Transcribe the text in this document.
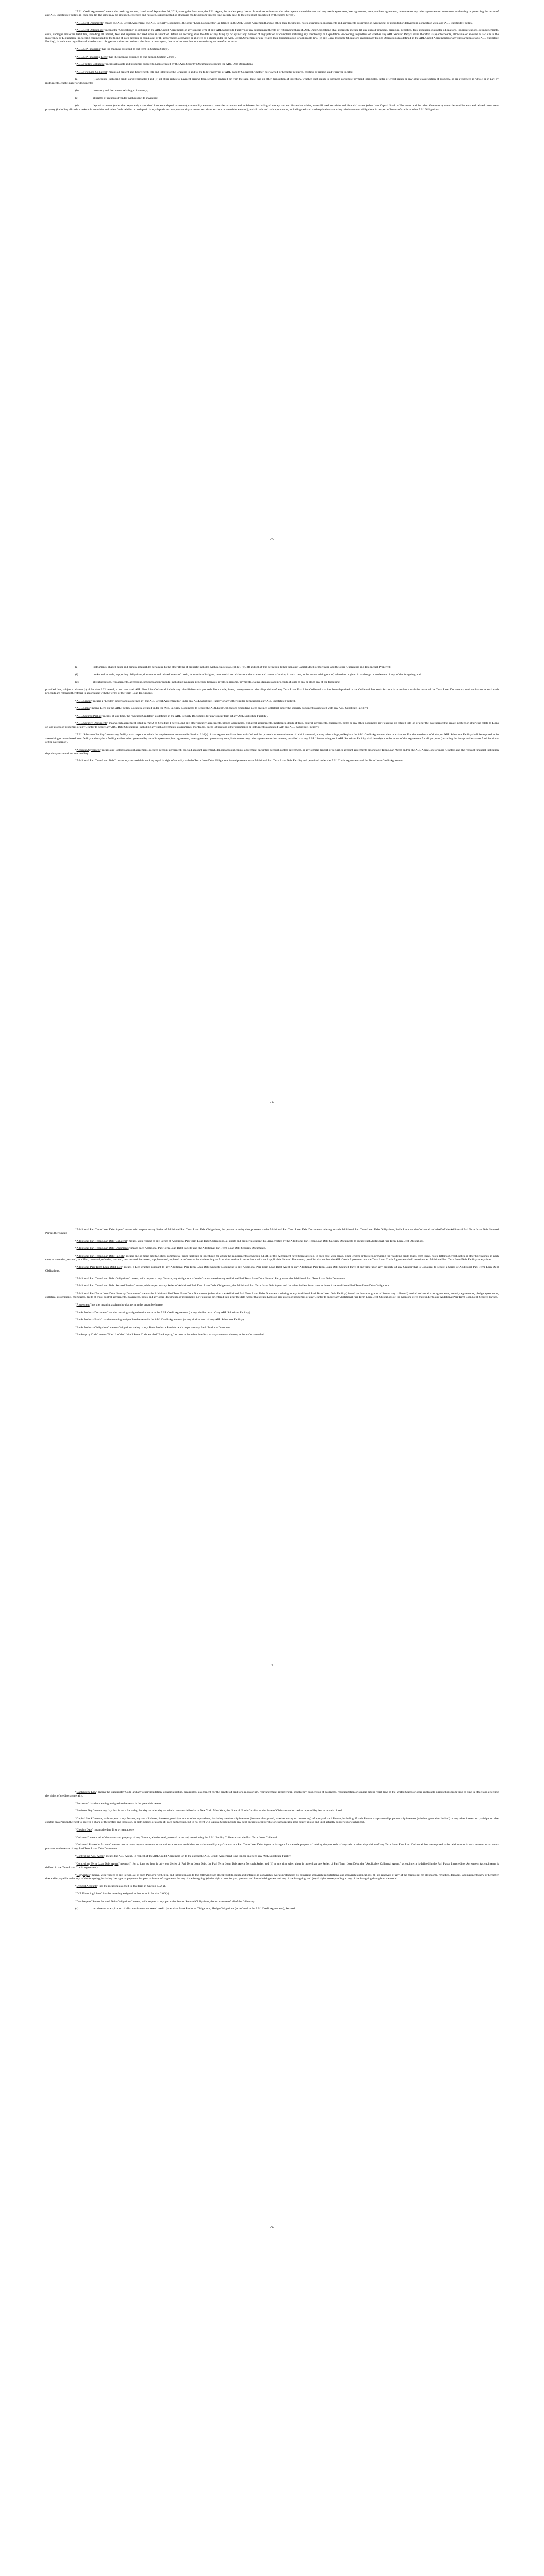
“ABL Credit Agreement" means the credit agreement, dated as of September 26, 2019, among the Borrower, the ABL Agent, the lenders party thereto from time to time and the other agents named therein, and any credit agreement, loan agreement, note purchase agreement, indenture or any other agreement or instrument evidencing or governing the terms of any ABL Substitute Facility, in each case (in the same may be amended, extended and restated, supplemented or otherwise modified from time to time in each case, to the extent not prohibited by the terms hereof).

“ABL Debt Documents" means the ABL Credit Agreement, the ABL Security Documents, the other "Loan Documents" (as defined in the ABL Credit Agreement) and all other loan documents, notes, guarantees, instruments and agreements governing or evidencing, or executed or delivered in connection with, any ABL Substitute Facility.

“ABL Debt Obligations" means the "Obligations" as defined in the ABL Credit Agreement (or any similar term of any ABL Substitute Facility) or any supplement thereto or refinancing thereof. ABL Debt Obligations shall expressly include (i) any unpaid principal, premium, penalties, fees, expenses, guarantee obligations, indemnifications, reimbursements, costs, damages and other liabilities, including all interest, fees and expenses incurred upon an Event of Default or accruing after the date of any filing by or against any Grantor of any petition or complaint initiating any Insolvency or Liquidation Proceeding, regardless of whether any ABL Secured Party's claim therefor is (a) enforceable, allowable or allowed as a claim in the Insolvency or Liquidation Proceeding commenced by the filing of such petition or complaint, or (b) enforceable, allowable or allowed as a claim under the ABL Credit Agreement or any related loan documentation or applicable law, (ii) any Bank Products Obligations and (iii) any Hedge Obligations (as defined in the ABL Credit Agreement) (or any similar term of any ABL Substitute Facility), in each case regardless of whether such obligation is direct or indirect, absolute or contingent, due or to become due, or now existing or hereafter incurred.

“ABL DIP Financing" has the meaning assigned to that term in Section 2.06(b).

“ABL DIP Financing Liens" has the meaning assigned to that term in Section 2.06(b).

“ABL Facility Collateral" means all assets and properties subject to Liens created by the ABL Security Documents to secure the ABL Debt Obligations.

“ABL First Lien Collateral" means all present and future right, title and interest of the Grantors in and to the following types of ABL Facility Collateral, whether now owned or hereafter acquired, existing or arising, and wherever located:

(a)	(i) accounts (including credit card receivables) and (ii) all other rights to payment arising from services rendered or from the sale, lease, use or other disposition of inventory, whether such rights to payment constitute payment intangibles, letter-of-credit rights or any other classification of property, or are evidenced in whole or in part by instruments, chattel paper or documents;

(b)	inventory and documents relating to inventory;

(c)	all rights of an unpaid vendor with respect to inventory;

(d)	deposit accounts (other than separately maintained insurance deposit accounts), commodity accounts, securities accounts and lockboxes, including all money and certificated securities, uncertificated securities and financial assets (other than Capital Stock of Borrower and the other Guarantors), securities entitlements and related investment property (including all cash, marketable securities and other funds held in or on deposit in any deposit account, commodity account, securities account or securities account), and all cash and cash equivalents, including cash and cash equivalents securing reimbursement obligations in respect of letters of credit or other ABL Obligations;

-2-

(e)	instruments, chattel paper and general intangibles pertaining to the other items of property included within clauses (a), (b), (c), (d), (f) and (g) of this definition (other than any Capital Stock of Borrower and the other Guarantors and Intellectual Property);

(f)	books and records, supporting obligations, documents and related letters of credit, letter-of-credit rights, commercial tort claims or other claims and causes of action, in each case, to the extent arising out of, related to or given in exchange or settlement of any of the foregoing; and

(g)	all substitutions, replacements, accessions, products and proceeds (including insurance proceeds, licenses, royalties, income, payments, claims, damages and proceeds of suit) of any or all of any of the foregoing;

provided that, subject to clause (c) of Section 3.02 hereof, to no case shall ABL First Lien Collateral include any identifiable cash proceeds from a sale, lease, conveyance or other disposition of any Term Loan First Lien Collateral that has been deposited in the Collateral Proceeds Account in accordance with the terms of the Term Loan Documents, until such time as such cash proceeds are released therefrom in accordance with the terms of the Term Loan Documents.

“ABL Lender" means a "Lender" under (and as defined in) the ABL Credit Agreement (or under any ABL Substitute Facility or any other similar term used in any ABL Substitute Facility).

“ABL Liens" means Liens on the ABL Facility Collateral created under the ABL Security Documents to secure the ABL Debt Obligations (including Liens on such Collateral under the security documents associated with any ABL Substitute Facility).

“ABL Secured Parties" means, at any time, the "Secured Creditors" as defined in the ABL Security Documents (or any similar term of any ABL Substitute Facility).

“ABL Security Documents" means each agreement listed in Part A of Schedule 1 hereto, and any other security agreements, pledge agreements, collateral assignments, mortgages, deeds of trust, control agreements, guarantees, notes or any other documents now existing or entered into on or after the date hereof that create, perfect or otherwise relate to Liens on any assets or properties of any Grantor to secure any ABL Debt Obligations (including any such agreements, assignments, mortgages, deeds of trust and other documents or instruments associated with any ABL Substitute Facility).

“ABL Substitute Facility" means any facility with respect to which the requirements contained in Section 2.10(a) of this Agreement have been satisfied and the proceeds or commitments of which are used, among other things, to Replace the ABL Credit Agreement then in existence. For the avoidance of doubt, no ABL Substitute Facility shall be required to be a revolving or asset-based loan facility and may be a facility evidenced or governed by a credit agreement, loan agreement, note agreement, promissory note, indenture or any other agreement or instrument; provided that any ABL Lien securing such ABL Substitute Facility shall be subject to the terms of this Agreement for all purposes (including the lien priorities as set forth herein as of the date hereof).

“Account Agreement" means any lockbox account agreement, pledged account agreement, blocked account agreement, deposit account control agreement, securities account control agreement, or any similar deposit or securities account agreements among any Term Loan Agent and/or the ABL Agent, one or more Grantors and the relevant financial institution depository or securities intermediary.

“Additional Pari Term Loan Debt" means any secured debt ranking equal in right of security with the Term Loan Debt Obligations issued pursuant to an Additional Pari Term Loan Debt Facility and permitted under the ABL Credit Agreement and the Term Loan Credit Agreement.

-3-

“Additional Pari Term Loan Debt Agent" means with respect to any Series of Additional Pari Term Loan Debt Obligations, the person or entity that, pursuant to the Additional Pari Term Loan Debt Documents relating to such Additional Pari Term Loan Debt Obligations, holds Liens on the Collateral on behalf of the Additional Pari Term Loan Debt Secured Parties thereunder.

“Additional Pari Term Loan Debt Collateral" means, with respect to any Series of Additional Pari Term Loan Debt Obligations, all assets and properties subject to Liens created by the Additional Pari Term Loan Debt Security Documents to secure such Additional Pari Term Loan Debt Obligations.

“Additional Pari Term Loan Debt Documents" means each Additional Pari Term Loan Debt Facility and the Additional Pari Term Loan Debt Security Documents.

“Additional Pari Term Loan Debt Facility" means one or more debt facilities, commercial paper facilities or indentures for which the requirements of Section 2.10(b) of this Agreement have been satisfied, in each case with banks, other lenders or trustees, providing for revolving credit loans, term loans, notes, letters of credit, notes or other borrowings, in each case, as amended, restated, modified, renewed, refunded, restated, restructured, increased, supplemented, replaced or refinanced in whole or in part from time to time in accordance with each applicable Secured Document; provided that neither the ABL Credit Agreement nor the Term Loan Credit Agreement shall constitute an Additional Pari Term Loan Debt Facility at any time.

“Additional Pari Term Loan Debt Lien" means a Lien granted pursuant to any Additional Pari Term Loan Debt Security Document to any Additional Pari Term Loan Debt Agent or any Additional Pari Term Loan Debt Secured Party at any time upon any property of any Grantor that is Collateral to secure a Series of Additional Pari Term Loan Debt Obligations.

“Additional Pari Term Loan Debt Obligations" means, with respect to any Grantor, any obligations of such Grantor owed to any Additional Pari Term Loan Debt Secured Party under the Additional Pari Term Loan Debt Documents.

“Additional Pari Term Loan Debt Secured Parties" means, with respect to any Series of Additional Pari Term Loan Debt Obligations, the Additional Pari Term Loan Debt Agent and the other holders from time to time of the Additional Pari Term Loan Debt Obligations.

“Additional Pari Term Loan Debt Security Documents" means the Additional Pari Term Loan Debt Documents (other than the Additional Pari Term Loan Debt Documents relating to any Additional Pari Term Loan Debt Facility) issued on the same grants a Lien on any collateral) and all collateral trust agreements, security agreements, pledge agreements, collateral assignments, mortgages, deeds of trust, control agreements, guarantees, notes and any other documents or instruments now existing or entered into after the date hereof that create Liens on any assets or properties of any Grantor to secure any Additional Pari Term Loan Debt Obligations of the Grantors owed thereunder to any Additional Pari Term Loan Debt Secured Parties.

“Agreement" has the meaning assigned to that term in the preamble hereto.

“Bank Products Document" has the meaning assigned to that term in the ABL Credit Agreement (or any similar term of any ABL Substitute Facility).

“Bank Products Bank" has the meaning assigned to that term in the ABL Credit Agreement (or any similar term of any ABL Substitute Facility).

“Bank Products Obligations" means Obligations owing to any Bank Products Provider with respect to any Bank Products Document.

“Bankruptcy Code" means Title 11 of the United States Code entitled "Bankruptcy," as now or hereafter in effect, or any successor thereto, as hereafter amended.

-4-

“Bankruptcy Law" means the Bankruptcy Code and any other liquidation, conservatorship, bankruptcy, assignment for the benefit of creditors, moratorium, rearrangement, receivership, insolvency, suspension of payments, reorganization or similar debtor relief laws of the United States or other applicable jurisdictions from time to time in effect and affecting the rights of creditors generally.

“Borrower" has the meaning assigned to that term in the preamble hereto.

“Business Day" means any day that is not a Saturday, Sunday or other day on which commercial banks in New York, New York, the State of North Carolina or the State of Ohio are authorized or required by law to remain closed.

“Capital Stock" means, with respect to any Person, any and all shares, interests, participations or other equivalents, including membership interests (however designated, whether voting or non-voting) of equity of such Person, including, if such Person is a partnership, partnership interests (whether general or limited) or any other interest or participation that confers on a Person the right to receive a share of the profits and losses of, or distributions of assets of, such partnership, but in no event will Capital Stock include any debt securities convertible or exchangeable into equity unless and until actually converted or exchanged.

“Closing Date" means the date first written above.

“Collateral" means all of the assets and property of any Grantor, whether real, personal or mixed, constituting the ABL Facility Collateral and the Pari Term Loan Collateral.

“Collateral Proceeds Account" means one or more deposit accounts or securities accounts established or maintained by any Grantor or a Pari Term Loan Debt Agent or its agent for the sole purpose of holding the proceeds of any sale or other disposition of any Term Loan First Lien Collateral that are required to be held in trust in such account or accounts pursuant to the terms of any Pari Term Loan Debt Document.

“Controlling ABL Agent" means the ABL Agent. In respect of the ABL Credit Agreement or, to the extent the ABL Credit Agreement is no longer in effect, any ABL Substitute Facility.

“Controlling Term Loan Debt Agent" means (i) for so long as there is only one Series of Pari Term Loan Debt, the Pari Term Loan Debt Agent for such Series and (ii) at any time when there is more than one Series of Pari Term Loan Debt, the "Applicable Collateral Agent," as such term is defined in the Pari Passu Intercreditor Agreement (as such term is defined in the Term Loan Credit Agreement).

“Copyrights" means, with respect to any Person, all of such Person's right, title, and interest in and to the following: (a) all copyrights, rights and interests in copyrights, works protectable by copyright, copyright registrations, and copyright applications; (b) all renewals of any of the foregoing; (c) all income, royalties, damages, and payments now or hereafter due and/or payable under any of the foregoing, including damages or payments for past or future infringements for any of the foregoing; (d) the right to sue for past, present, and future infringements of any of the foregoing; and (e) all rights corresponding to any of the foregoing throughout the world.

“Deposit Accounts" has the meaning assigned to that term in Section 3.02(a).

“DIP Financing Liens" has the meaning assigned to that term in Section 2.06(b).

“Discharge of Senior Secured Debt Obligations" means, with respect to any particular Senior Secured Obligations, the occurrence of all of the following:

(a)	termination or expiration of all commitments to extend credit (other than Bank Products Obligations, Hedge Obligations (as defined in the ABL Credit Agreement), Secured

-5-
